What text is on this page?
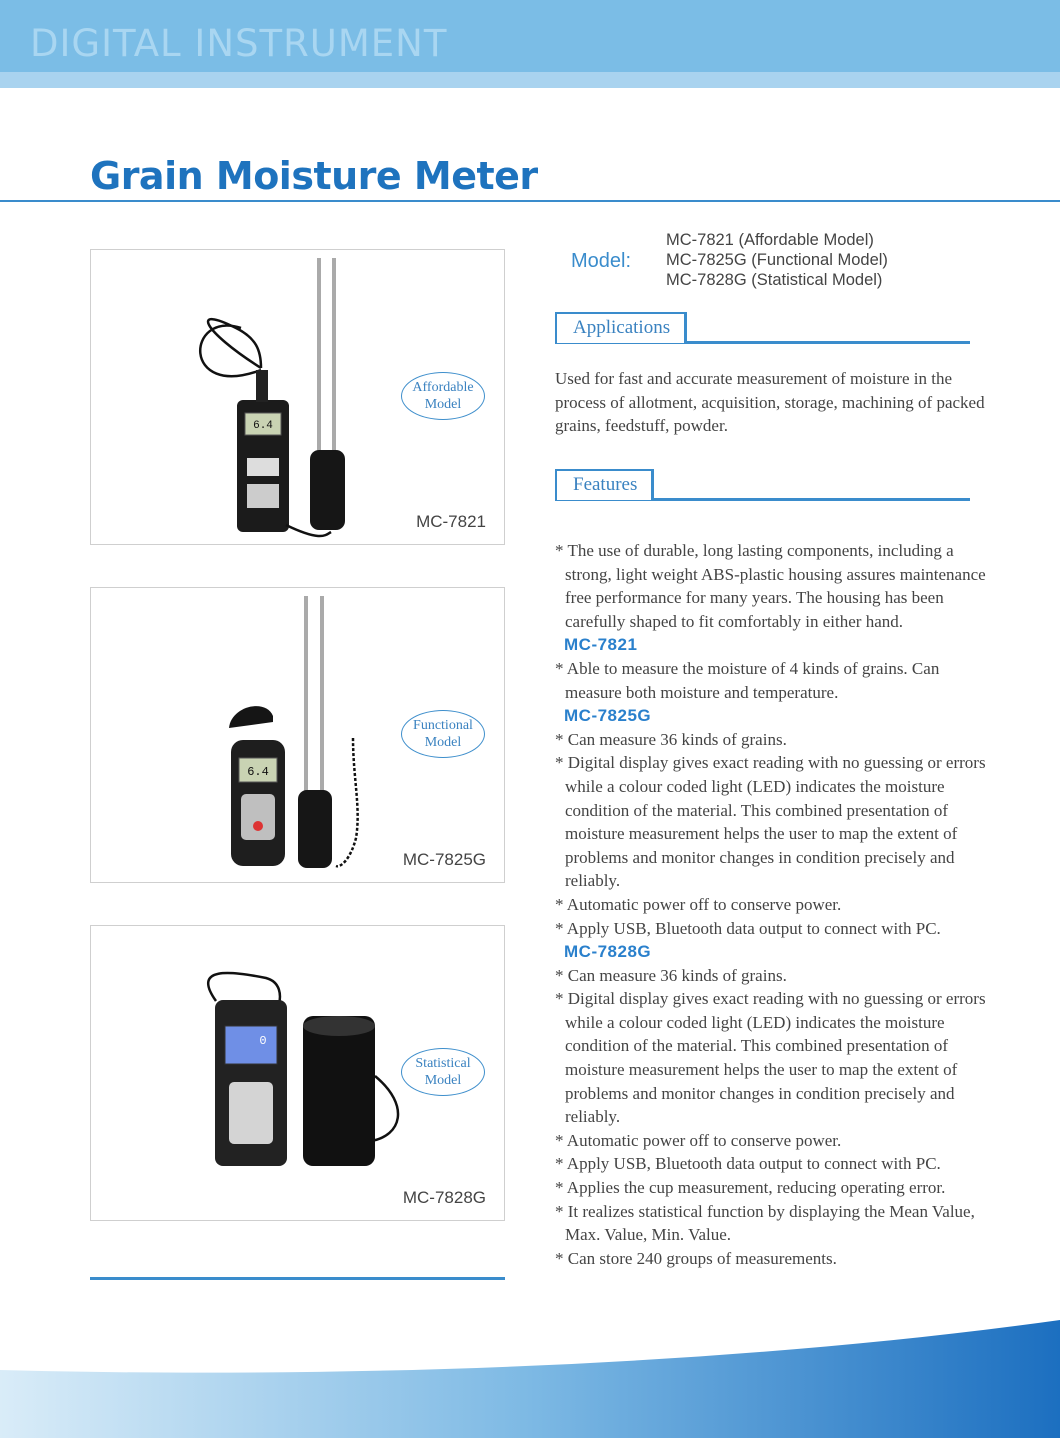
DIGITAL INSTRUMENT
Grain Moisture Meter
6.4
Affordable
Model
MC-7821
6.4
Functional
Model
MC-7825G
0
Statistical
Model
MC-7828G
Model:
MC-7821 (Affordable Model)
MC-7825G (Functional Model)
MC-7828G (Statistical Model)
Applications
Used for fast and accurate measurement of moisture in the process of allotment, acquisition, storage, machining of packed grains, feedstuff, powder.
Features
* The use of durable, long lasting components, including a strong, light weight ABS-plastic housing assures maintenance free performance for many years. The housing has been carefully shaped to fit comfortably in either hand.
MC-7821
* Able to measure the moisture of 4 kinds of grains. Can measure both moisture and temperature.
MC-7825G
* Can measure 36 kinds of grains.
* Digital display gives exact reading with no guessing or errors while a colour coded light (LED) indicates the moisture condition of the material. This combined presentation of moisture measurement helps the user to map the extent of problems and monitor changes in condition precisely and reliably.
* Automatic power off to conserve power.
* Apply USB, Bluetooth data output to connect with PC.
MC-7828G
* Can measure 36 kinds of grains.
* Digital display gives exact reading with no guessing or errors while a colour coded light (LED) indicates the moisture condition of the material. This combined presentation of moisture measurement helps the user to map the extent of problems and monitor changes in condition precisely and reliably.
* Automatic power off to conserve power.
* Apply USB, Bluetooth data output to connect with PC.
* Applies the cup measurement, reducing operating error.
* It realizes statistical function by displaying the Mean Value, Max. Value, Min. Value.
* Can store 240 groups of measurements.
